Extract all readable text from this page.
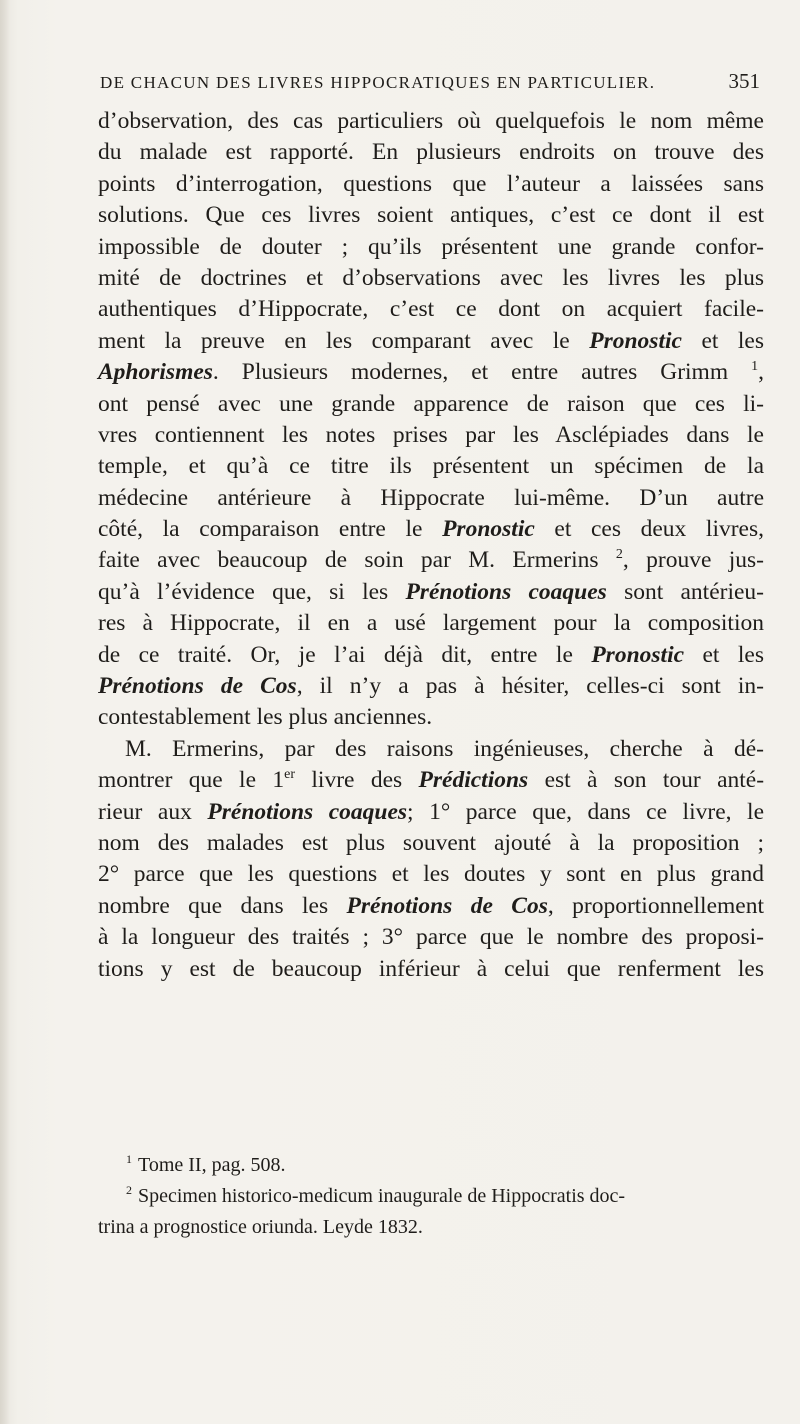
DE CHACUN DES LIVRES HIPPOCRATIQUES EN PARTICULIER.	351
d’observation, des cas particuliers où quelquefois le nom même
du malade est rapporté. En plusieurs endroits on trouve des
points d’interrogation, questions que l’auteur a laissées sans
solutions. Que ces livres soient antiques, c’est ce dont il est
impossible de douter ; qu’ils présentent une grande confor-
mité de doctrines et d’observations avec les livres les plus
authentiques d’Hippocrate, c’est ce dont on acquiert facile-
ment la preuve en les comparant avec le Pronostic et les
Aphorismes. Plusieurs modernes, et entre autres Grimm $^1$,
ont pensé avec une grande apparence de raison que ces li-
vres contiennent les notes prises par les Asclépiades dans le
temple, et qu’à ce titre ils présentent un spécimen de la
médecine antérieure à Hippocrate lui-même. D’un autre
côté, la comparaison entre le Pronostic et ces deux livres,
faite avec beaucoup de soin par M. Ermerins $^2$, prouve jus-
qu’à l’évidence que, si les Prénotions coaques sont antérieu-
res à Hippocrate, il en a usé largement pour la composition
de ce traité. Or, je l’ai déjà dit, entre le Pronostic et les
Prénotions de Cos, il n’y a pas à hésiter, celles-ci sont in-
contestablement les plus anciennes.
M. Ermerins, par des raisons ingénieuses, cherche à dé-
montrer que le 1er livre des Prédictions est à son tour anté-
rieur aux Prénotions coaques; 1° parce que, dans ce livre, le
nom des malades est plus souvent ajouté à la proposition ;
2° parce que les questions et les doutes y sont en plus grand
nombre que dans les Prénotions de Cos, proportionnellement
à la longueur des traités ; 3° parce que le nombre des proposi-
tions y est de beaucoup inférieur à celui que renferment les
$^1$ Tome II, pag. 508.
$^2$ Specimen historico-medicum inaugurale de Hippocratis doc-
trina a prognostice oriunda. Leyde 1832.
